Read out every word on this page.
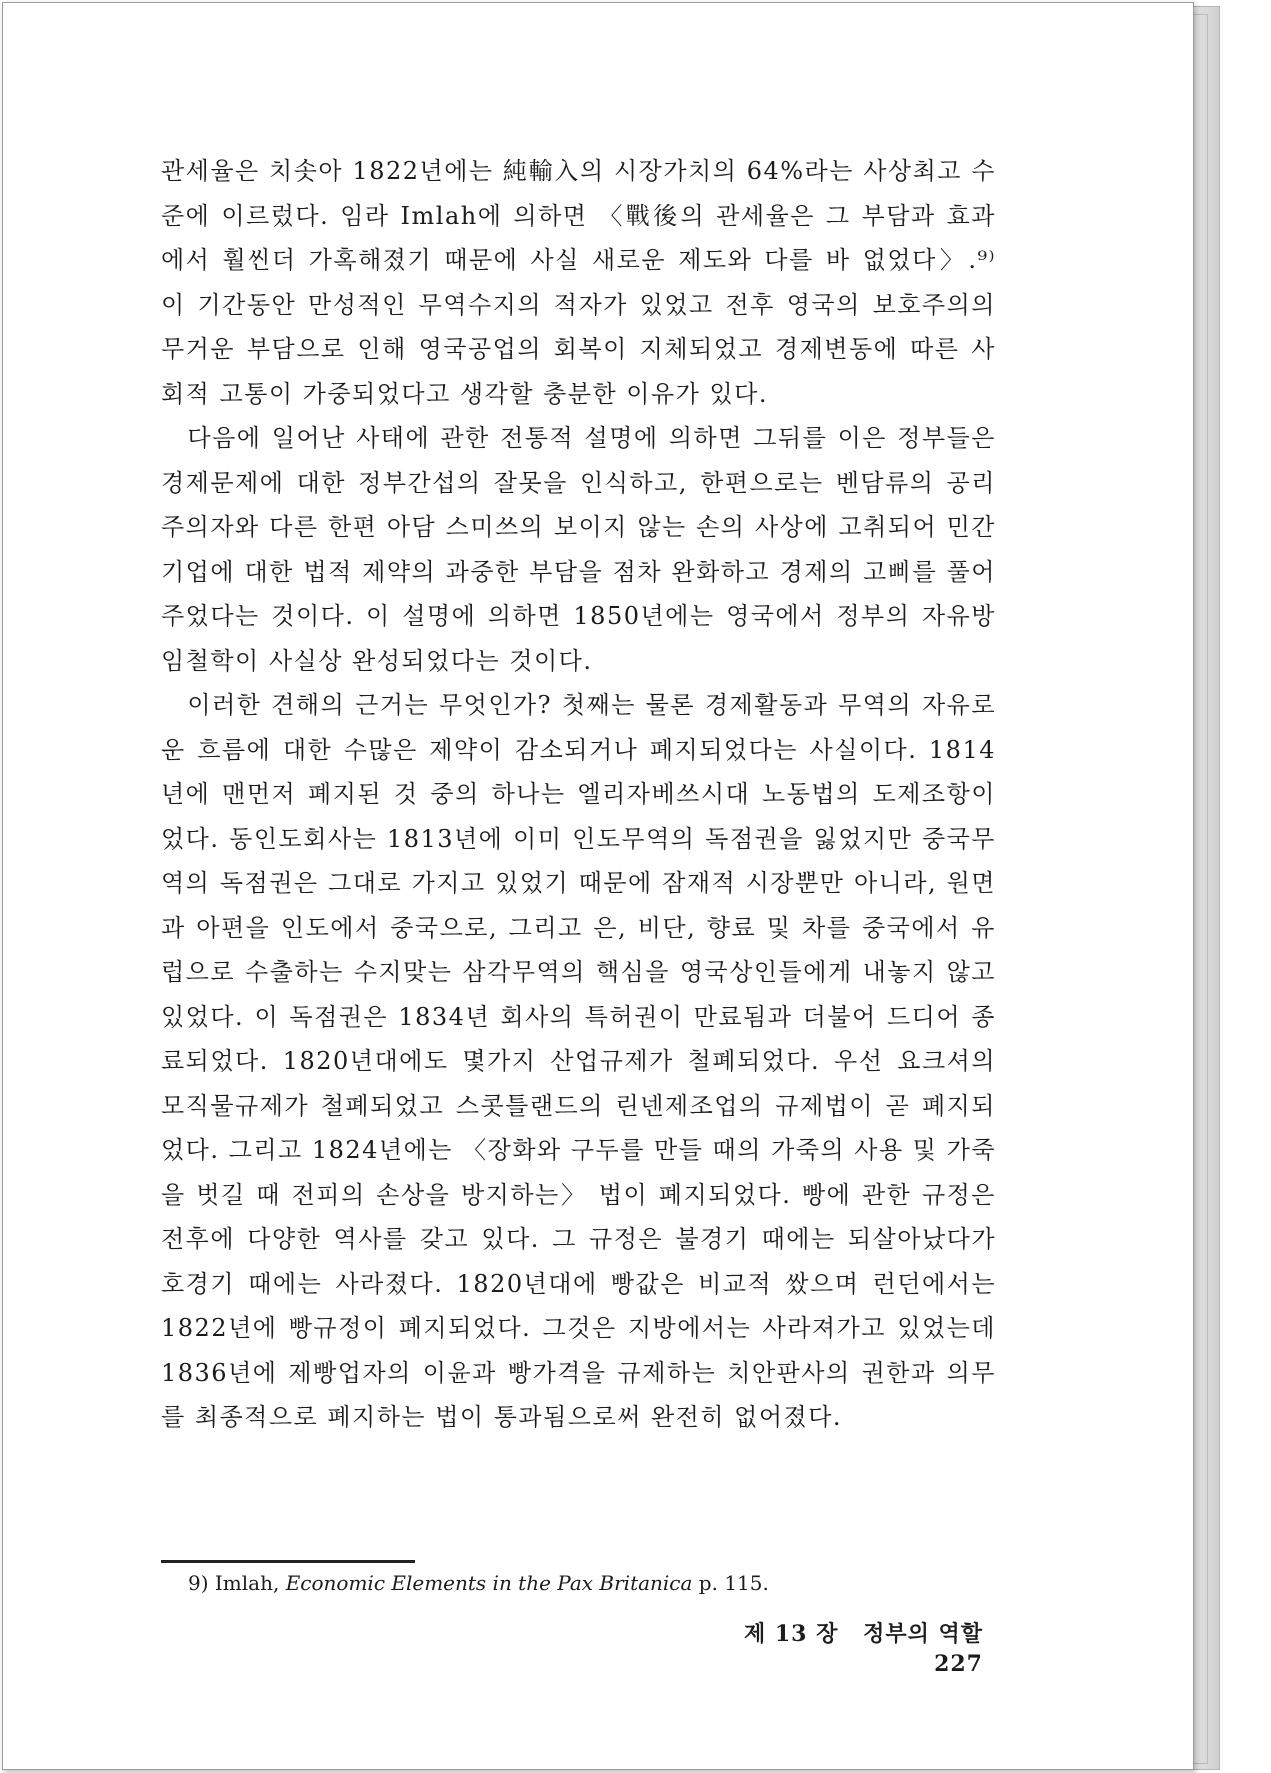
관세율은 치솟아 1822년에는 純輸入의 시장가치의 64%라는 사상최고 수준에 이르렀다. 임라 Imlah에 의하면 〈戰後의 관세율은 그 부담과 효과에서 훨씬더 가혹해졌기 때문에 사실 새로운 제도와 다를 바 없었다〉.⁹⁾ 이 기간동안 만성적인 무역수지의 적자가 있었고 전후 영국의 보호주의의 무거운 부담으로 인해 영국공업의 회복이 지체되었고 경제변동에 따른 사회적 고통이 가중되었다고 생각할 충분한 이유가 있다.

다음에 일어난 사태에 관한 전통적 설명에 의하면 그뒤를 이은 정부들은 경제문제에 대한 정부간섭의 잘못을 인식하고, 한편으로는 벤담류의 공리주의자와 다른 한편 아담 스미쓰의 보이지 않는 손의 사상에 고취되어 민간기업에 대한 법적 제약의 과중한 부담을 점차 완화하고 경제의 고삐를 풀어 주었다는 것이다. 이 설명에 의하면 1850년에는 영국에서 정부의 자유방임철학이 사실상 완성되었다는 것이다.

이러한 견해의 근거는 무엇인가? 첫째는 물론 경제활동과 무역의 자유로운 흐름에 대한 수많은 제약이 감소되거나 폐지되었다는 사실이다. 1814년에 맨먼저 폐지된 것 중의 하나는 엘리자베쓰시대 노동법의 도제조항이었다. 동인도회사는 1813년에 이미 인도무역의 독점권을 잃었지만 중국무역의 독점권은 그대로 가지고 있었기 때문에 잠재적 시장뿐만 아니라, 원면과 아편을 인도에서 중국으로, 그리고 은, 비단, 향료 및 차를 중국에서 유럽으로 수출하는 수지맞는 삼각무역의 핵심을 영국상인들에게 내놓지 않고 있었다. 이 독점권은 1834년 회사의 특허권이 만료됨과 더불어 드디어 종료되었다. 1820년대에도 몇가지 산업규제가 철폐되었다. 우선 요크셔의 모직물규제가 철폐되었고 스콧틀랜드의 린넨제조업의 규제법이 곧 폐지되었다. 그리고 1824년에는 〈장화와 구두를 만들 때의 가죽의 사용 및 가죽을 벗길 때 전피의 손상을 방지하는〉 법이 폐지되었다. 빵에 관한 규정은 전후에 다양한 역사를 갖고 있다. 그 규정은 불경기 때에는 되살아났다가 호경기 때에는 사라졌다. 1820년대에 빵값은 비교적 쌌으며 런던에서는 1822년에 빵규정이 폐지되었다. 그것은 지방에서는 사라져가고 있었는데 1836년에 제빵업자의 이윤과 빵가격을 규제하는 치안판사의 권한과 의무를 최종적으로 폐지하는 법이 통과됨으로써 완전히 없어졌다.

9) Imlah, Economic Elements in the Pax Britanica p. 115.
제 13 장 정부의 역할 227
